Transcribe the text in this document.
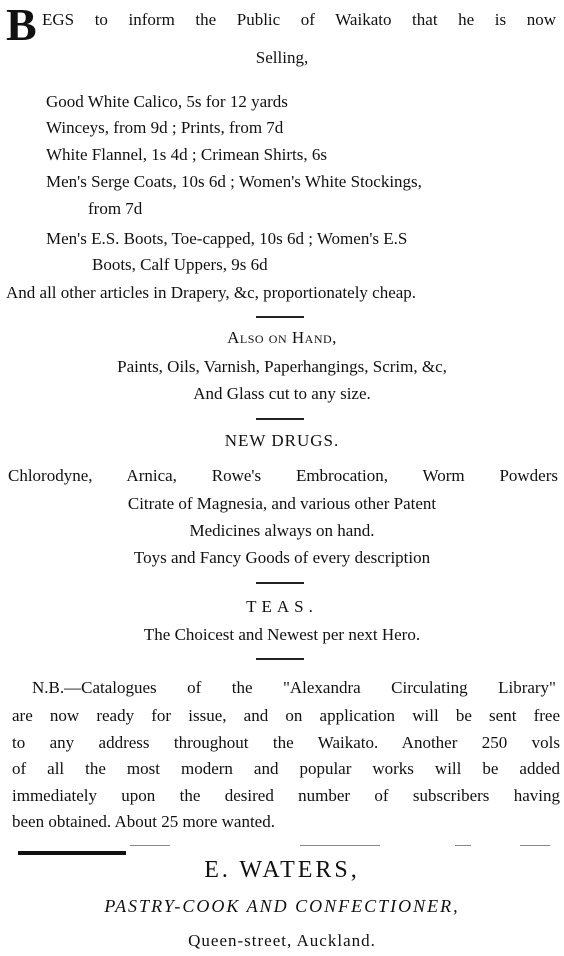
B EGS to inform the Public of Waikato that he is now
Selling,
Good White Calico, 5s for 12 yards
Winceys, from 9d ; Prints, from 7d
White Flannel, 1s 4d ; Crimean Shirts, 6s
Men's Serge Coats, 10s 6d ; Women's White Stockings,
from 7d
Men's E.S. Boots, Toe-capped, 10s 6d ; Women's E.S
Boots, Calf Uppers, 9s 6d
And all other articles in Drapery, &c, proportionately cheap.
Also on Hand,
Paints, Oils, Varnish, Paperhangings, Scrim, &c,
And Glass cut to any size.
NEW DRUGS.
Chlorodyne, Arnica, Rowe's Embrocation, Worm Powders
Citrate of Magnesia, and various other Patent
Medicines always on hand.
Toys and Fancy Goods of every description
TEAS.
The Choicest and Newest per next Hero.
N.B.—Catalogues of the "Alexandra Circulating Library"
are now ready for issue, and on application will be sent free
to any address throughout the Waikato. Another 250 vols
of all the most modern and popular works will be added
immediately upon the desired number of subscribers having
been obtained. About 25 more wanted.
E. WATERS,
PASTRY-COOK AND CONFECTIONER,
Queen-street, Auckland.
